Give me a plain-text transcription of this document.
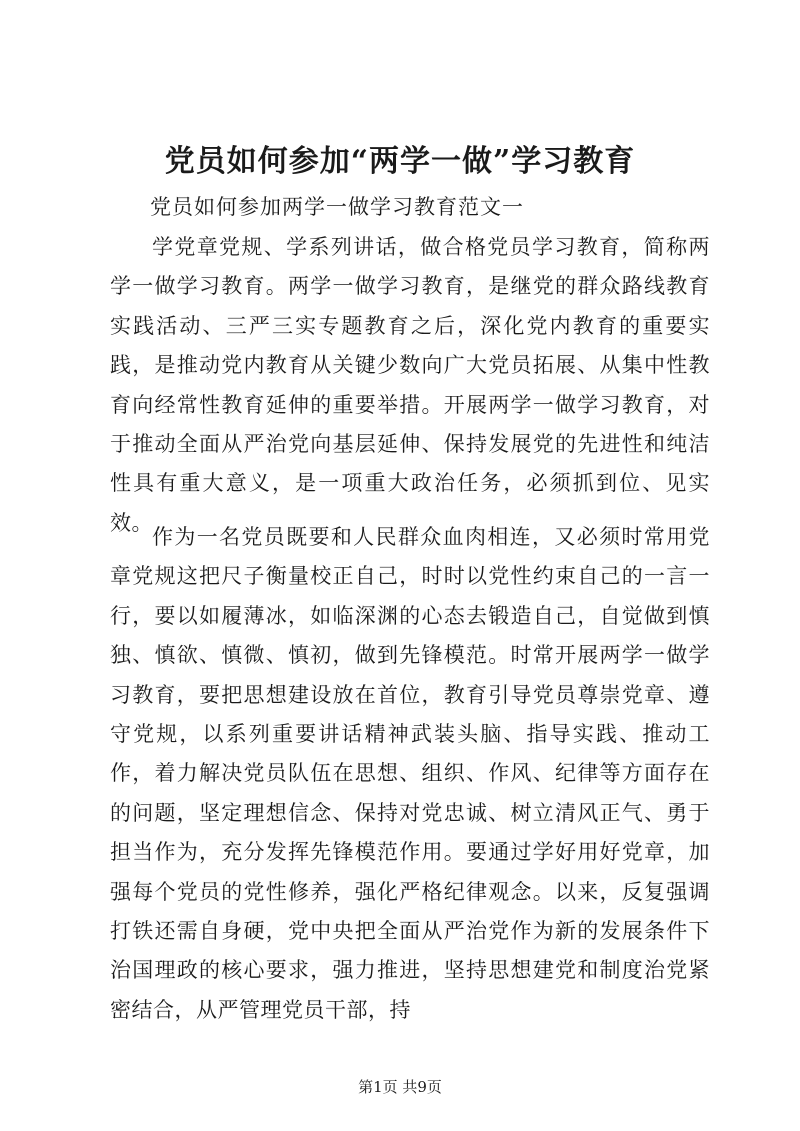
党员如何参加“两学一做”学习教育
党员如何参加两学一做学习教育范文一

学党章党规、学系列讲话，做合格党员学习教育，简称两学一做学习教育。两学一做学习教育，是继党的群众路线教育实践活动、三严三实专题教育之后，深化党内教育的重要实践，是推动党内教育从关键少数向广大党员拓展、从集中性教育向经常性教育延伸的重要举措。开展两学一做学习教育，对于推动全面从严治党向基层延伸、保持发展党的先进性和纯洁性具有重大意义，是一项重大政治任务，必须抓到位、见实效。

作为一名党员既要和人民群众血肉相连，又必须时常用党章党规这把尺子衡量校正自己，时时以党性约束自己的一言一行，要以如履薄冰，如临深渊的心态去锻造自己，自觉做到慎独、慎欲、慎微、慎初，做到先锋模范。时常开展两学一做学习教育，要把思想建设放在首位，教育引导党员尊崇党章、遵守党规，以系列重要讲话精神武装头脑、指导实践、推动工作，着力解决党员队伍在思想、组织、作风、纪律等方面存在的问题，坚定理想信念、保持对党忠诚、树立清风正气、勇于担当作为，充分发挥先锋模范作用。要通过学好用好党章，加强每个党员的党性修养，强化严格纪律观念。以来，反复强调打铁还需自身硬，党中央把全面从严治党作为新的发展条件下治国理政的核心要求，强力推进，坚持思想建党和制度治党紧密结合，从严管理党员干部，持

第1页 共9页
